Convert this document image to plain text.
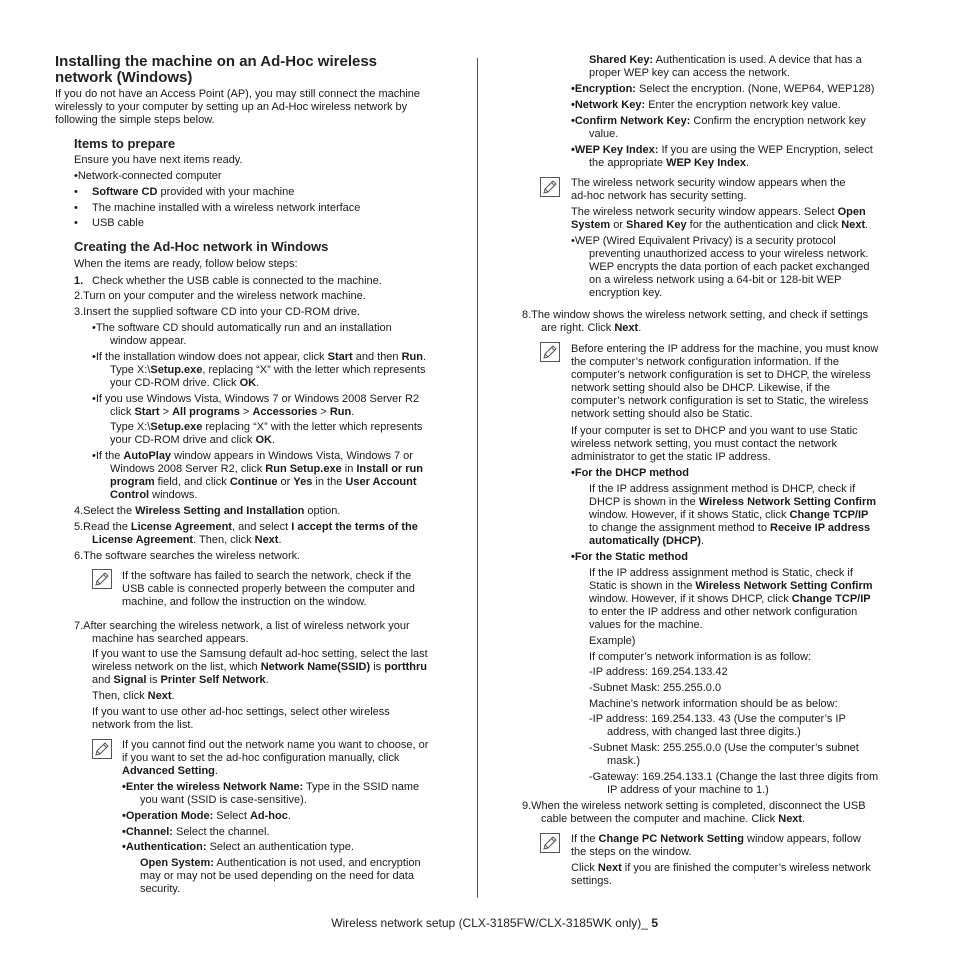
Installing the machine on an Ad-Hoc wireless
network (Windows)
If you do not have an Access Point (AP), you may still connect the machine
wirelessly to your computer by setting up an Ad-Hoc wireless network by
following the simple steps below.
Items to prepare
Ensure you have next items ready.
•Network-connected computer
• Software CD provided with your machine
• The machine installed with a wireless network interface
• USB cable
Creating the Ad-Hoc network in Windows
When the items are ready, follow below steps:
1. Check whether the USB cable is connected to the machine.
2.Turn on your computer and the wireless network machine.
3.Insert the supplied software CD into your CD-ROM drive.
•The software CD should automatically run and an installation
window appear.
•If the installation window does not appear, click Start and then Run.
Type X:\Setup.exe, replacing “X” with the letter which represents
your CD-ROM drive. Click OK.
•If you use Windows Vista, Windows 7 or Windows 2008 Server R2
click Start > All programs > Accessories > Run.
Type X:\Setup.exe replacing “X” with the letter which represents
your CD-ROM drive and click OK.
•If the AutoPlay window appears in Windows Vista, Windows 7 or
Windows 2008 Server R2, click Run Setup.exe in Install or run
program field, and click Continue or Yes in the User Account
Control windows.
4.Select the Wireless Setting and Installation option.
5.Read the License Agreement, and select I accept the terms of the
License Agreement. Then, click Next.
6.The software searches the wireless network.
If the software has failed to search the network, check if the
USB cable is connected properly between the computer and
machine, and follow the instruction on the window.
7.After searching the wireless network, a list of wireless network your
machine has searched appears.
If you want to use the Samsung default ad-hoc setting, select the last
wireless network on the list, which Network Name(SSID) is portthru
and Signal is Printer Self Network.
Then, click Next.
If you want to use other ad-hoc settings, select other wireless
network from the list.
If you cannot find out the network name you want to choose, or
if you want to set the ad-hoc configuration manually, click
Advanced Setting.
•Enter the wireless Network Name: Type in the SSID name
you want (SSID is case-sensitive).
•Operation Mode: Select Ad-hoc.
•Channel: Select the channel.
•Authentication: Select an authentication type.
Open System: Authentication is not used, and encryption
may or may not be used depending on the need for data
security.
Shared Key: Authentication is used. A device that has a
proper WEP key can access the network.
•Encryption: Select the encryption. (None, WEP64, WEP128)
•Network Key: Enter the encryption network key value.
•Confirm Network Key: Confirm the encryption network key
value.
•WEP Key Index: If you are using the WEP Encryption, select
the appropriate WEP Key Index.
The wireless network security window appears when the
ad-hoc network has security setting.
The wireless network security window appears. Select Open
System or Shared Key for the authentication and click Next.
•WEP (Wired Equivalent Privacy) is a security protocol
preventing unauthorized access to your wireless network.
WEP encrypts the data portion of each packet exchanged
on a wireless network using a 64-bit or 128-bit WEP
encryption key.
8.The window shows the wireless network setting, and check if settings
are right. Click Next.
Before entering the IP address for the machine, you must know
the computer’s network configuration information. If the
computer’s network configuration is set to DHCP, the wireless
network setting should also be DHCP. Likewise, if the
computer’s network configuration is set to Static, the wireless
network setting should also be Static.
If your computer is set to DHCP and you want to use Static
wireless network setting, you must contact the network
administrator to get the static IP address.
•For the DHCP method
If the IP address assignment method is DHCP, check if
DHCP is shown in the Wireless Network Setting Confirm
window. However, if it shows Static, click Change TCP/IP
to change the assignment method to Receive IP address
automatically (DHCP).
•For the Static method
If the IP address assignment method is Static, check if
Static is shown in the Wireless Network Setting Confirm
window. However, if it shows DHCP, click Change TCP/IP
to enter the IP address and other network configuration
values for the machine.
Example)
If computer’s network information is as follow:
-IP address: 169.254.133.42
-Subnet Mask: 255.255.0.0
Machine’s network information should be as below:
-IP address: 169.254.133. 43 (Use the computer’s IP
address, with changed last three digits.)
-Subnet Mask: 255.255.0.0 (Use the computer’s subnet
mask.)
-Gateway: 169.254.133.1 (Change the last three digits from
IP address of your machine to 1.)
9.When the wireless network setting is completed, disconnect the USB
cable between the computer and machine. Click Next.
If the Change PC Network Setting window appears, follow
the steps on the window.
Click Next if you are finished the computer’s wireless network
settings.
Wireless network setup (CLX-3185FW/CLX-3185WK only)_ 5
